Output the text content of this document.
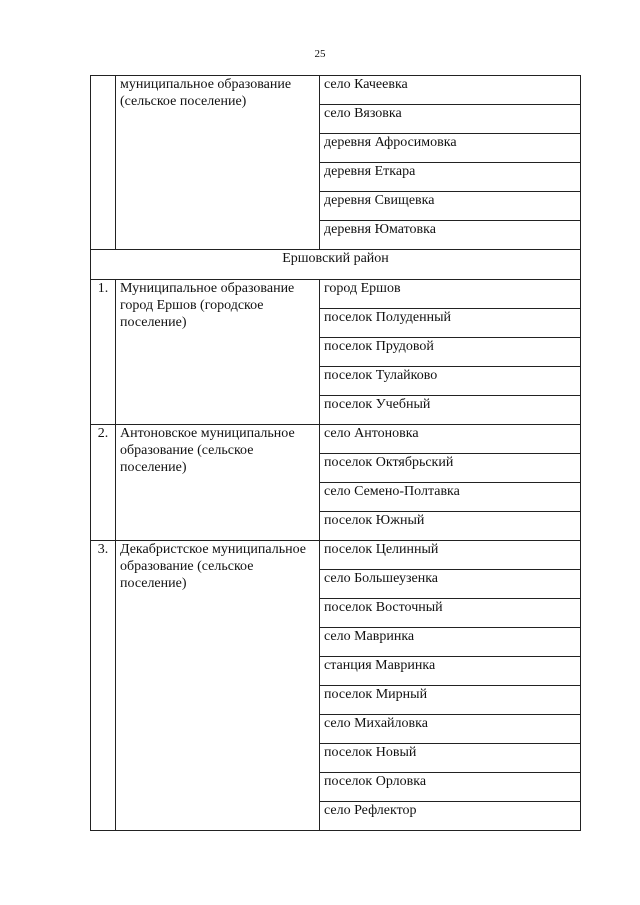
25
	муниципальное образование (сельское поселение)	село Качеевка
		село Вязовка
		деревня Афросимовка
		деревня Еткара
		деревня Свищевка
		деревня Юматовка
Ершовский район		
1.	Муниципальное образование город Ершов (городское поселение)	город Ершов
		поселок Полуденный
		поселок Прудовой
		поселок Тулайково
		поселок Учебный
2.	Антоновское муниципальное образование (сельское поселение)	село Антоновка
		поселок Октябрьский
		село Семено-Полтавка
		поселок Южный
3.	Декабристское муниципальное образование (сельское поселение)	поселок Целинный
		село Большеузенка
		поселок Восточный
		село Мавринка
		станция Мавринка
		поселок Мирный
		село Михайловка
		поселок Новый
		поселок Орловка
		село Рефлектор
